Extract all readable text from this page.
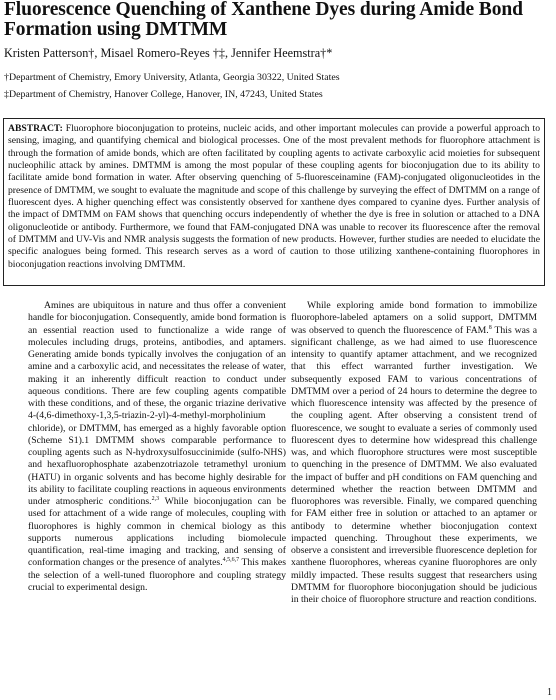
Fluorescence Quenching of Xanthene Dyes during Amide Bond Formation using DMTMM
Kristen Patterson†, Misael Romero-Reyes †‡, Jennifer Heemstra†*
†Department of Chemistry, Emory University, Atlanta, Georgia 30322, United States
‡Department of Chemistry, Hanover College, Hanover, IN, 47243, United States
ABSTRACT: Fluorophore bioconjugation to proteins, nucleic acids, and other important molecules can provide a powerful approach to sensing, imaging, and quantifying chemical and biological processes. One of the most prevalent methods for fluorophore attachment is through the formation of amide bonds, which are often facilitated by coupling agents to activate carboxylic acid moieties for subsequent nucleophilic attack by amines. DMTMM is among the most popular of these coupling agents for bioconjugation due to its ability to facilitate amide bond formation in water. After observing quenching of 5-fluoresceinamine (FAM)-conjugated oligonucleotides in the presence of DMTMM, we sought to evaluate the magnitude and scope of this challenge by surveying the effect of DMTMM on a range of fluorescent dyes. A higher quenching effect was consistently observed for xanthene dyes compared to cyanine dyes. Further analysis of the impact of DMTMM on FAM shows that quenching occurs independently of whether the dye is free in solution or attached to a DNA oligonucleotide or antibody. Furthermore, we found that FAM-conjugated DNA was unable to recover its fluorescence after the removal of DMTMM and UV-Vis and NMR analysis suggests the formation of new products. However, further studies are needed to elucidate the specific analogues being formed. This research serves as a word of caution to those utilizing xanthene-containing fluorophores in bioconjugation reactions involving DMTMM.

Amines are ubiquitous in nature and thus offer a convenient handle for bioconjugation. Consequently, amide bond formation is an essential reaction used to functionalize a wide range of molecules including drugs, proteins, antibodies, and aptamers. Generating amide bonds typically involves the conjugation of an amine and a carboxylic acid, and necessitates the release of water, making it an inherently difficult reaction to conduct under aqueous conditions. There are few coupling agents compatible with these conditions, and of these, the organic triazine derivative 4-(4,6-dimethoxy-1,3,5-triazin-2-yl)-4-methyl-morpholinium chloride), or DMTMM, has emerged as a highly favorable option (Scheme S1).1 DMTMM shows comparable performance to coupling agents such as N-hydroxysulfosuccinimide (sulfo-NHS) and hexafluorophosphate azabenzotriazole tetramethyl uronium (HATU) in organic solvents and has become highly desirable for its ability to facilitate coupling reactions in aqueous environments under atmospheric conditions.$^{2,3}$ While bioconjugation can be used for attachment of a wide range of molecules, coupling with fluorophores is highly common in chemical biology as this supports numerous applications including biomolecule quantification, real-time imaging and tracking, and sensing of conformation changes or the presence of analytes.$^{4,5,6,7}$ This makes the selection of a well-tuned fluorophore and coupling strategy crucial to experimental design.

While exploring amide bond formation to immobilize fluorophore-labeled aptamers on a solid support, DMTMM was observed to quench the fluorescence of FAM.$^8$ This was a significant challenge, as we had aimed to use fluorescence intensity to quantify aptamer attachment, and we recognized that this effect warranted further investigation. We subsequently exposed FAM to various concentrations of DMTMM over a period of 24 hours to determine the degree to which fluorescence intensity was affected by the presence of the coupling agent. After observing a consistent trend of fluorescence, we sought to evaluate a series of commonly used fluorescent dyes to determine how widespread this challenge was, and which fluorophore structures were most susceptible to quenching in the presence of DMTMM. We also evaluated the impact of buffer and pH conditions on FAM quenching and determined whether the reaction between DMTMM and fluorophores was reversible. Finally, we compared quenching for FAM either free in solution or attached to an aptamer or antibody to determine whether bioconjugation context impacted quenching. Throughout these experiments, we observe a consistent and irreversible fluorescence depletion for xanthene fluorophores, whereas cyanine fluorophores are only mildly impacted. These results suggest that researchers using DMTMM for fluorophore bioconjugation should be judicious in their choice of fluorophore structure and reaction conditions.

1
